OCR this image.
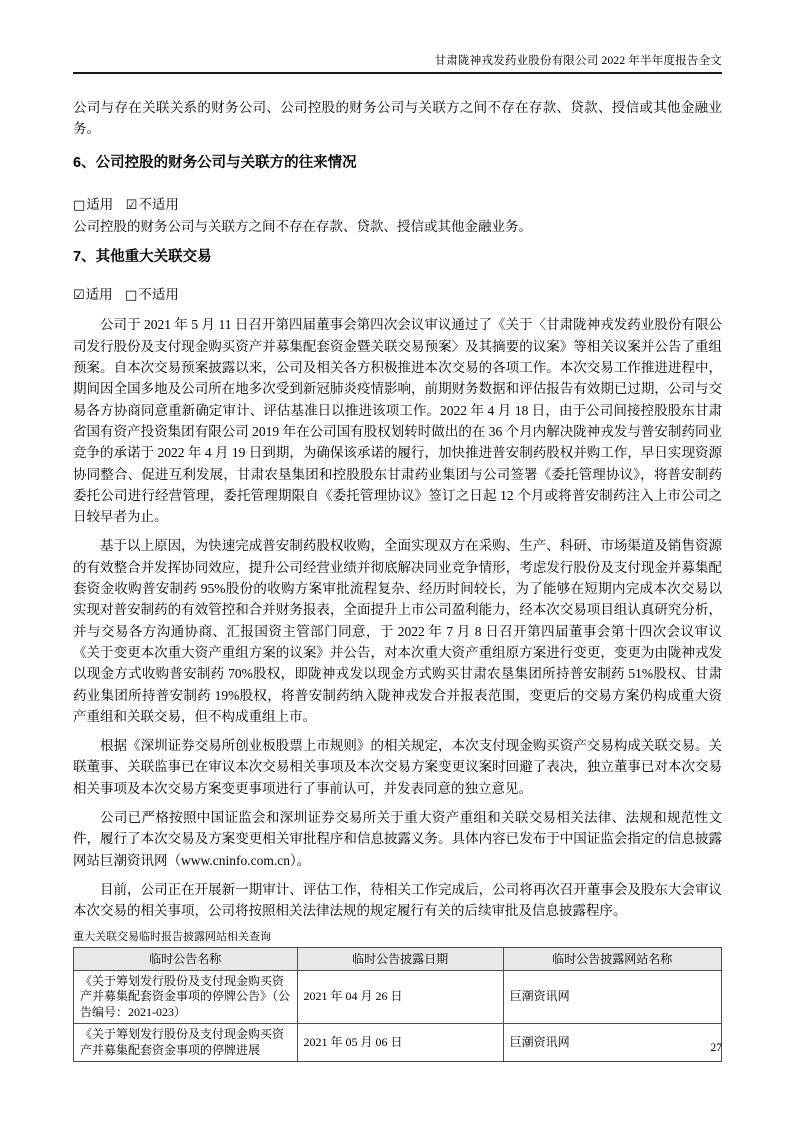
甘肃陇神戎发药业股份有限公司 2022 年半年度报告全文

公司与存在关联关系的财务公司、公司控股的财务公司与关联方之间不存在存款、贷款、授信或其他金融业务。

6、公司控股的财务公司与关联方的往来情况
□适用 ☑不适用
公司控股的财务公司与关联方之间不存在存款、贷款、授信或其他金融业务。
7、其他重大关联交易
☑适用 □不适用

公司于 2021 年 5 月 11 日召开第四届董事会第四次会议审议通过了《关于〈甘肃陇神戎发药业股份有限公司发行股份及支付现金购买资产并募集配套资金暨关联交易预案〉及其摘要的议案》等相关议案并公告了重组预案。自本次交易预案披露以来，公司及相关各方积极推进本次交易的各项工作。本次交易工作推进进程中，期间因全国多地及公司所在地多次受到新冠肺炎疫情影响，前期财务数据和评估报告有效期已过期，公司与交易各方协商同意重新确定审计、评估基准日以推进该项工作。2022 年 4 月 18 日，由于公司间接控股股东甘肃省国有资产投资集团有限公司 2019 年在公司国有股权划转时做出的在 36 个月内解决陇神戎发与普安制药同业竞争的承诺于 2022 年 4 月 19 日到期，为确保该承诺的履行，加快推进普安制药股权并购工作，早日实现资源协同整合、促进互利发展，甘肃农垦集团和控股股东甘肃药业集团与公司签署《委托管理协议》，将普安制药委托公司进行经营管理，委托管理期限自《委托管理协议》签订之日起 12 个月或将普安制药注入上市公司之日较早者为止。

基于以上原因，为快速完成普安制药股权收购，全面实现双方在采购、生产、科研、市场渠道及销售资源的有效整合并发挥协同效应，提升公司经营业绩并彻底解决同业竞争情形，考虑发行股份及支付现金并募集配套资金收购普安制药 95%股份的收购方案审批流程复杂、经历时间较长，为了能够在短期内完成本次交易以实现对普安制药的有效管控和合并财务报表，全面提升上市公司盈利能力，经本次交易项目组认真研究分析，并与交易各方沟通协商、汇报国资主管部门同意，于 2022 年 7 月 8 日召开第四届董事会第十四次会议审议《关于变更本次重大资产重组方案的议案》并公告，对本次重大资产重组原方案进行变更，变更为由陇神戎发以现金方式收购普安制药 70%股权，即陇神戎发以现金方式购买甘肃农垦集团所持普安制药 51%股权、甘肃药业集团所持普安制药 19%股权，将普安制药纳入陇神戎发合并报表范围，变更后的交易方案仍构成重大资产重组和关联交易，但不构成重组上市。

根据《深圳证券交易所创业板股票上市规则》的相关规定，本次支付现金购买资产交易构成关联交易。关联董事、关联监事已在审议本次交易相关事项及本次交易方案变更议案时回避了表决，独立董事已对本次交易相关事项及本次交易方案变更事项进行了事前认可，并发表同意的独立意见。

公司已严格按照中国证监会和深圳证券交易所关于重大资产重组和关联交易相关法律、法规和规范性文件，履行了本次交易及方案变更相关审批程序和信息披露义务。具体内容已发布于中国证监会指定的信息披露网站巨潮资讯网（www.cninfo.com.cn）。

目前，公司正在开展新一期审计、评估工作，待相关工作完成后，公司将再次召开董事会及股东大会审议本次交易的相关事项，公司将按照相关法律法规的规定履行有关的后续审批及信息披露程序。

重大关联交易临时报告披露网站相关查询
临时公告名称	临时公告披露日期	临时公告披露网站名称
《关于筹划发行股份及支付现金购买资产并募集配套资金事项的停牌公告》（公告编号：2021-023）	2021 年 04 月 26 日	巨潮资讯网
《关于筹划发行股份及支付现金购买资产并募集配套资金事项的停牌进展	2021 年 05 月 06 日	巨潮资讯网	27
